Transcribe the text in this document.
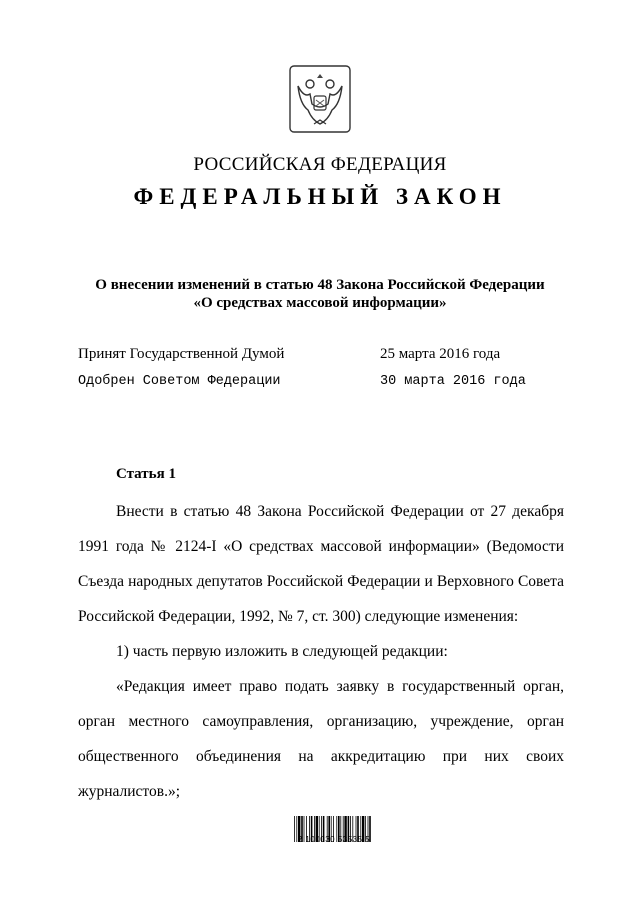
РОССИЙСКАЯ ФЕДЕРАЦИЯ
ФЕДЕРАЛЬНЫЙ ЗАКОН
О внесении изменений в статью 48 Закона Российской Федерации
«О средствах массовой информации»
Принят Государственной Думой	25 марта 2016 года
Одобрен Советом Федерации	30 марта 2016 года
Статья 1
Внести в статью 48 Закона Российской Федерации от 27 декабря 1991 года № 2124-I «О средствах массовой информации» (Ведомости Съезда народных депутатов Российской Федерации и Верховного Совета Российской Федерации, 1992, № 7, ст. 300) следующие изменения:
1) часть первую изложить в следующей редакции:
«Редакция имеет право подать заявку в государственный орган, орган местного самоуправления, организацию, учреждение, орган общественного объединения на аккредитацию при них своих журналистов.»;
2 100030 53535 5
